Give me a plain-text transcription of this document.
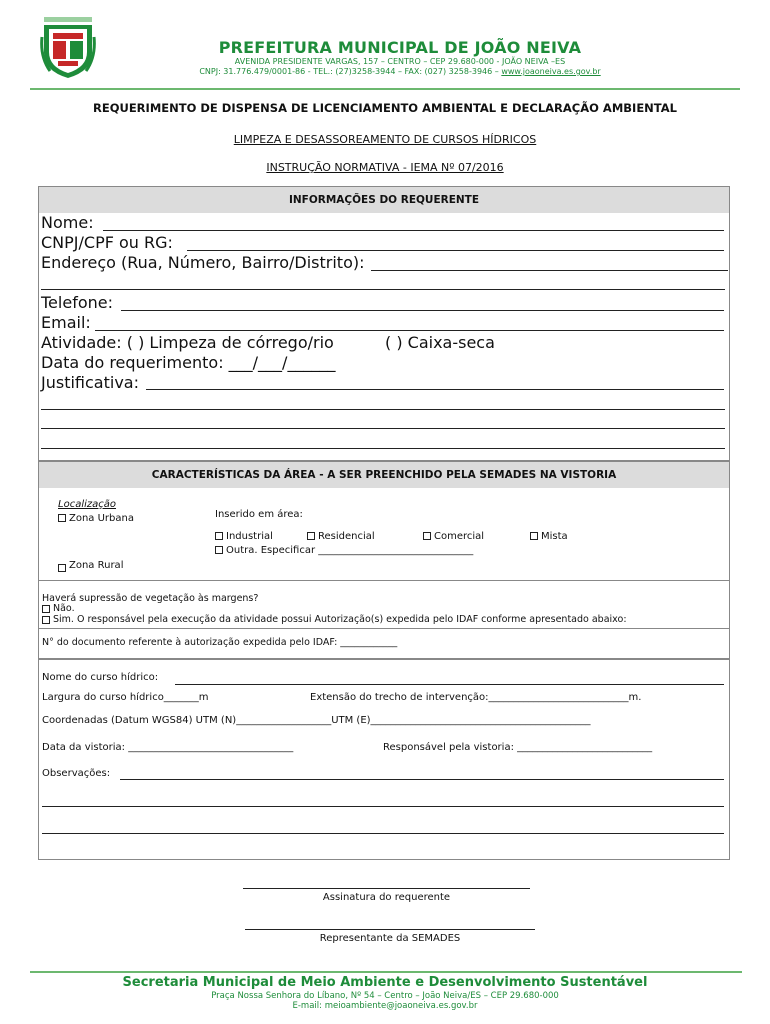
PREFEITURA MUNICIPAL DE JOÃO NEIVA
AVENIDA PRESIDENTE VARGAS, 157 – CENTRO – CEP 29.680-000 - JOÃO NEIVA –ES
CNPJ: 31.776.479/0001-86 - TEL.: (27)3258-3944 – FAX: (027) 3258-3946 – www.joaoneiva.es.gov.br
REQUERIMENTO DE DISPENSA DE LICENCIAMENTO AMBIENTAL E DECLARAÇÃO AMBIENTAL
LIMPEZA E DESASSOREAMENTO DE CURSOS HÍDRICOS
INSTRUÇÃO NORMATIVA - IEMA Nº 07/2016
INFORMAÇÕES DO REQUERENTE
Nome:
CNPJ/CPF ou RG:
Endereço (Rua, Número, Bairro/Distrito):
Telefone:
Email:
Atividade: ( ) Limpeza de córrego/rio	( ) Caixa-seca
Data do requerimento: ___/___/______
Justificativa:
CARACTERÍSTICAS DA ÁREA - A SER PREENCHIDO PELA SEMADES NA VISTORIA
Localização
Zona Urbana
Zona Rural
Inserido em área:
Industrial	Residencial	Comercial	Mista
Outra. Especificar _______________________________
Haverá supressão de vegetação às margens?
Não.
Sim. O responsável pela execução da atividade possui Autorização(s) expedida pelo IDAF conforme apresentado abaixo:
N° do documento referente à autorização expedida pelo IDAF: ____________
Nome do curso hídrico:
Largura do curso hídrico_______m	Extensão do trecho de intervenção:____________________________m.
Coordenadas (Datum WGS84) UTM (N)___________________UTM (E)____________________________________________
Data da vistoria: _________________________________	Responsável pela vistoria: ___________________________
Observações:
Assinatura do requerente
Representante da SEMADES
Secretaria Municipal de Meio Ambiente e Desenvolvimento Sustentável
Praça Nossa Senhora do Líbano, Nº 54 – Centro – João Neiva/ES – CEP 29.680-000
E-mail: meioambiente@joaoneiva.es.gov.br
